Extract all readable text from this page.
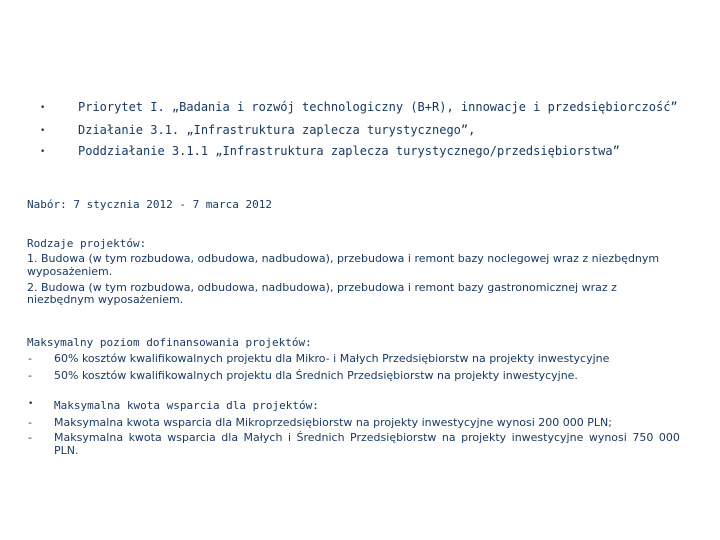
•	Priorytet I. „Badania i rozwój technologiczny (B+R), innowacje i przedsiębiorczość”
•	Działanie 3.1. „Infrastruktura zaplecza turystycznego”,
•	Poddziałanie 3.1.1 „Infrastruktura zaplecza turystycznego/przedsiębiorstwa”
Nabór: 7 stycznia 2012 - 7 marca 2012
Rodzaje projektów:
1. Budowa (w tym rozbudowa, odbudowa, nadbudowa), przebudowa i remont bazy noclegowej wraz z niezbędnym
wyposażeniem.
2. Budowa (w tym rozbudowa, odbudowa, nadbudowa), przebudowa i remont bazy gastronomicznej wraz z
niezbędnym wyposażeniem.
Maksymalny poziom dofinansowania projektów:
- 60% kosztów kwalifikowalnych projektu dla Mikro- i Małych Przedsiębiorstw na projekty inwestycyjne
- 50% kosztów kwalifikowalnych projektu dla Średnich Przedsiębiorstw na projekty inwestycyjne.
• Maksymalna kwota wsparcia dla projektów:
- Maksymalna kwota wsparcia dla Mikroprzedsiębiorstw na projekty inwestycyjne wynosi 200 000 PLN;
- Maksymalna kwota wsparcia dla Małych i Średnich Przedsiębiorstw na projekty inwestycyjne wynosi 750 000
PLN.
